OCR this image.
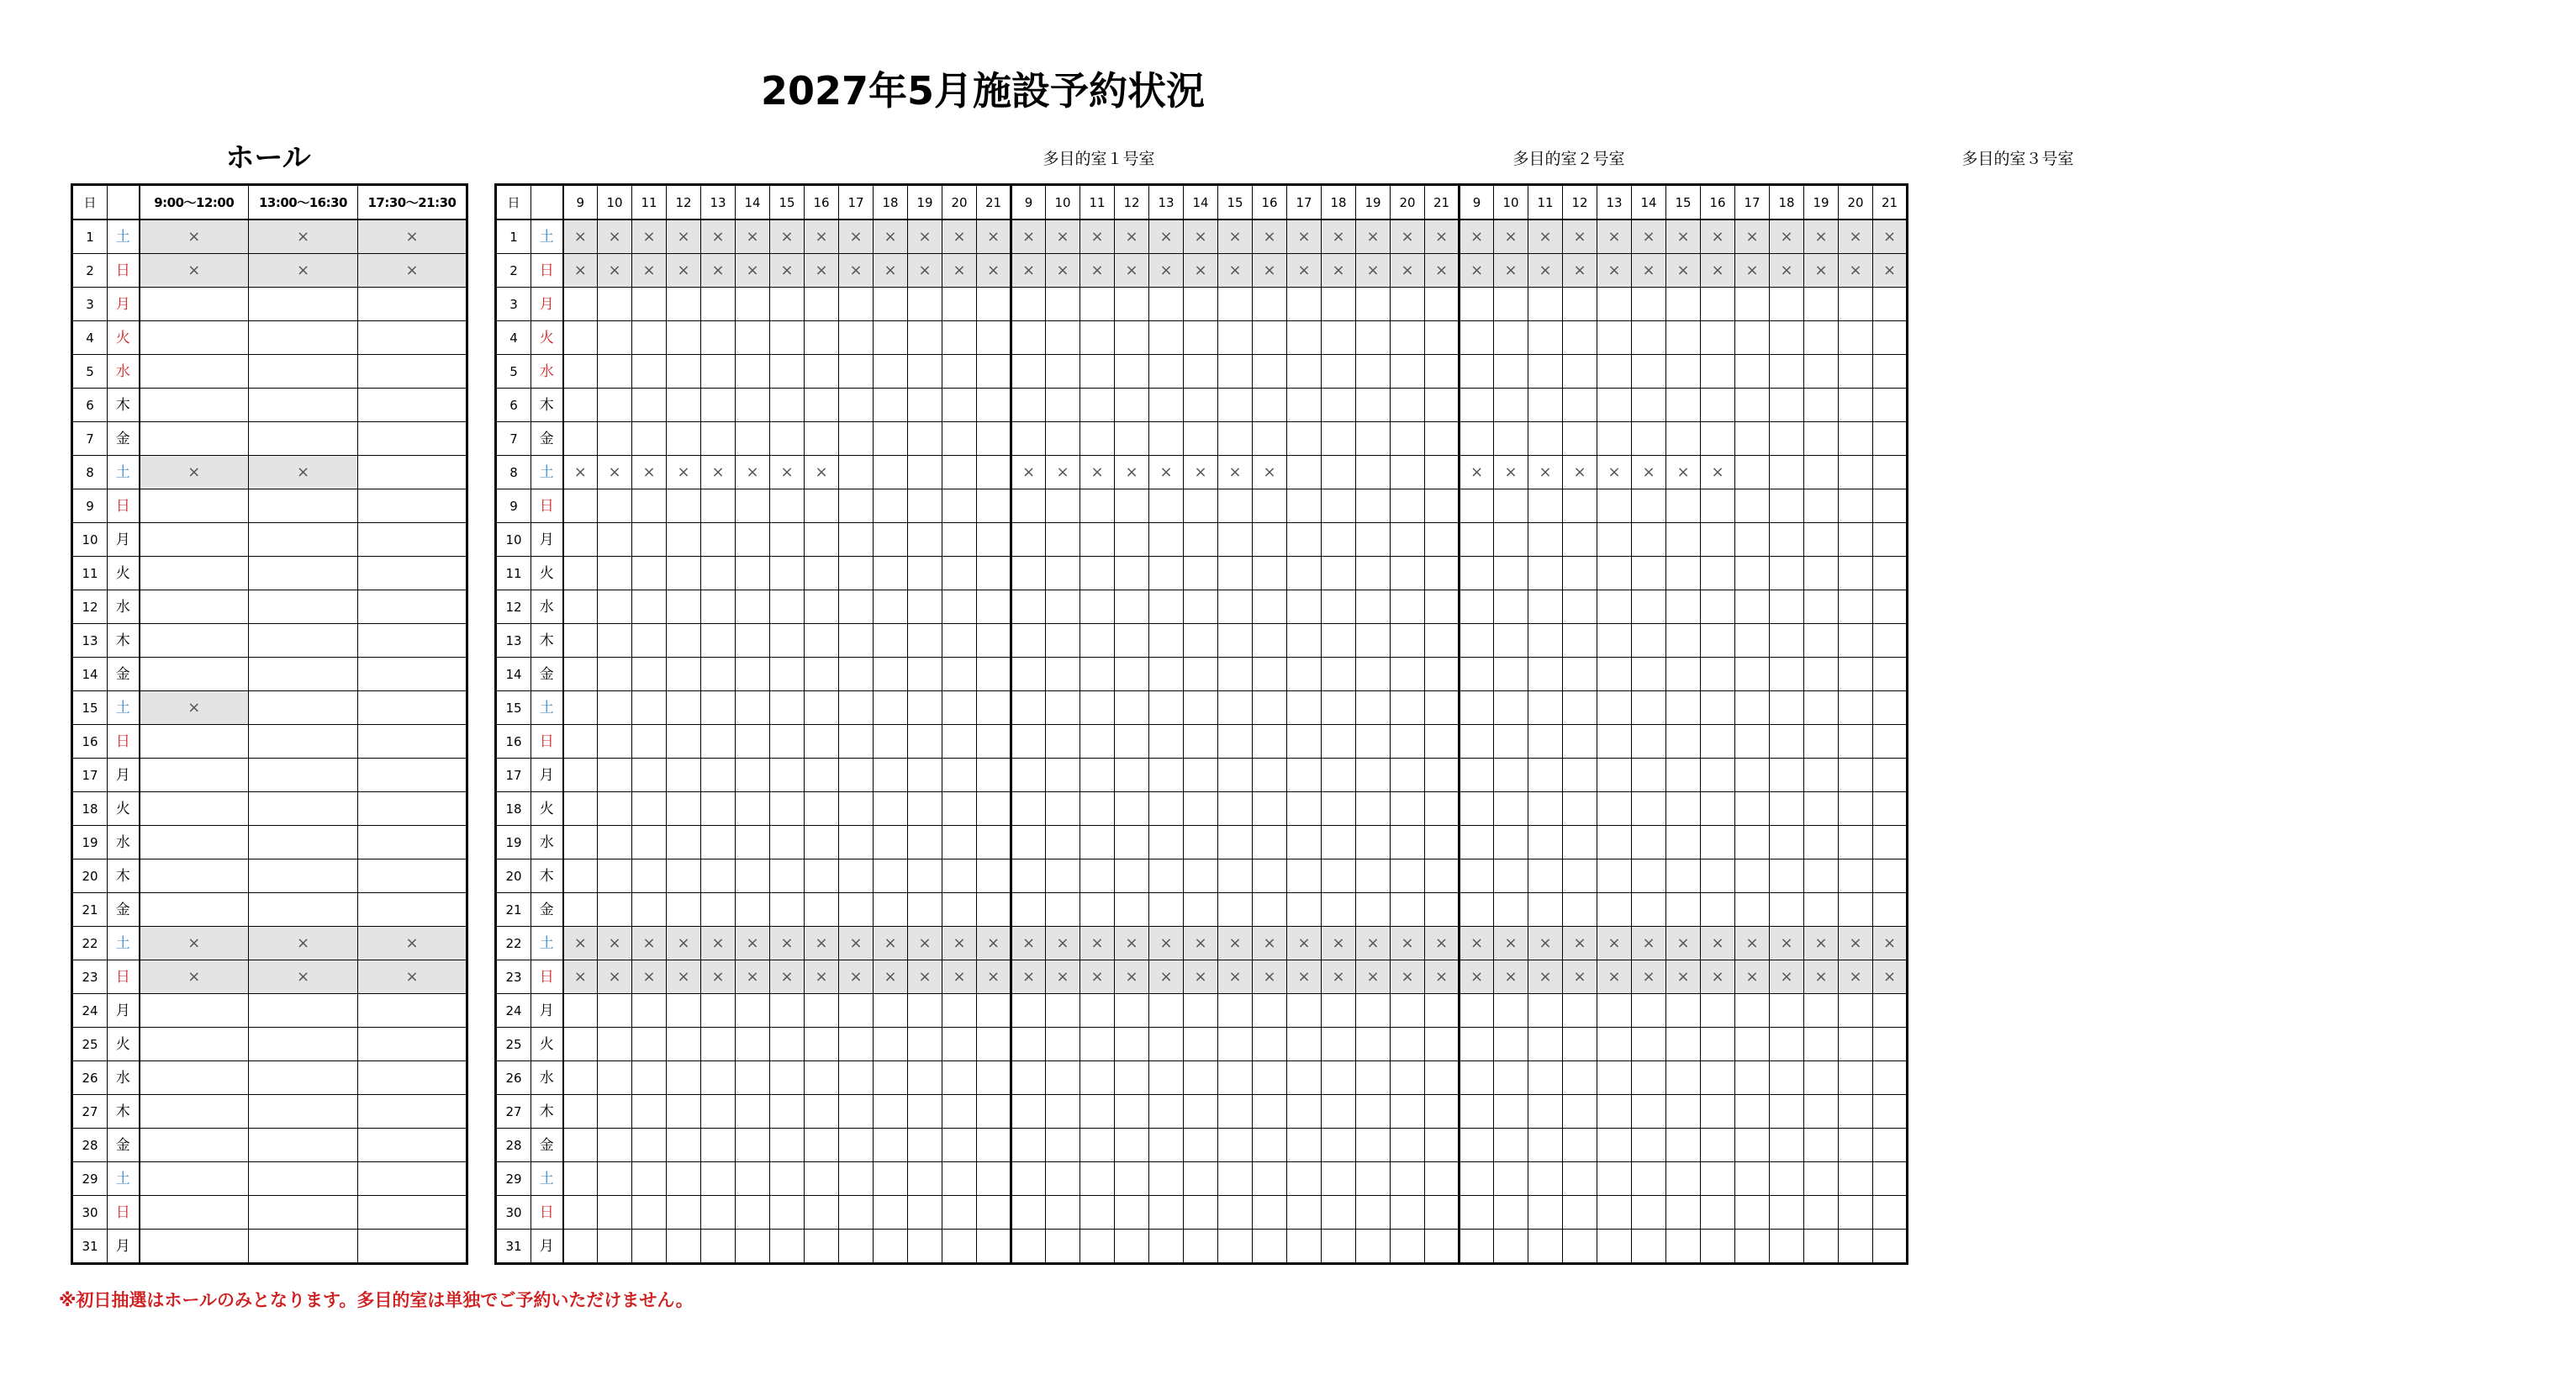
2027年5月施設予約状況
ホール	多目的室１号室	多目的室２号室	多目的室３号室
日		9:00〜12:00	13:00〜16:30	17:30〜21:30
1	土	×	×	×
2	日	×	×	×
3	月			
4	火			
5	水			
6	木			
7	金			
8	土	×	×	
9	日			
10	月			
11	火			
12	水			
13	木			
14	金			
15	土	×		
16	日			
17	月			
18	火			
19	水			
20	木			
21	金			
22	土	×	×	×
23	日	×	×	×
24	月			
25	火			
26	水			
27	木			
28	金			
29	土			
30	日			
31	月			
日		9	10	11	12	13	14	15	16	17	18	19	20	21	9	10	11	12	13	14	15	16	17	18	19	20	21	9	10	11	12	13	14	15	16	17	18	19	20	21
1	土	×	×	×	×	×	×	×	×	×	×	×	×	×	×	×	×	×	×	×	×	×	×	×	×	×	×	×	×	×	×	×	×	×	×	×	×	×	×	×
2	日	×	×	×	×	×	×	×	×	×	×	×	×	×	×	×	×	×	×	×	×	×	×	×	×	×	×	×	×	×	×	×	×	×	×	×	×	×	×	×
3	月																																							
4	火																																							
5	水																																							
6	木																																							
7	金																																							
8	土	×	×	×	×	×	×	×	×						×	×	×	×	×	×	×	×						×	×	×	×	×	×	×	×					
9	日																																							
10	月																																							
11	火																																							
12	水																																							
13	木																																							
14	金																																							
15	土																																							
16	日																																							
17	月																																							
18	火																																							
19	水																																							
20	木																																							
21	金																																							
22	土	×	×	×	×	×	×	×	×	×	×	×	×	×	×	×	×	×	×	×	×	×	×	×	×	×	×	×	×	×	×	×	×	×	×	×	×	×	×	×
23	日	×	×	×	×	×	×	×	×	×	×	×	×	×	×	×	×	×	×	×	×	×	×	×	×	×	×	×	×	×	×	×	×	×	×	×	×	×	×	×
24	月																																							
25	火																																							
26	水																																							
27	木																																							
28	金																																							
29	土																																							
30	日																																							
31	月																																							
※初日抽選はホールのみとなります。多目的室は単独でご予約いただけません。
